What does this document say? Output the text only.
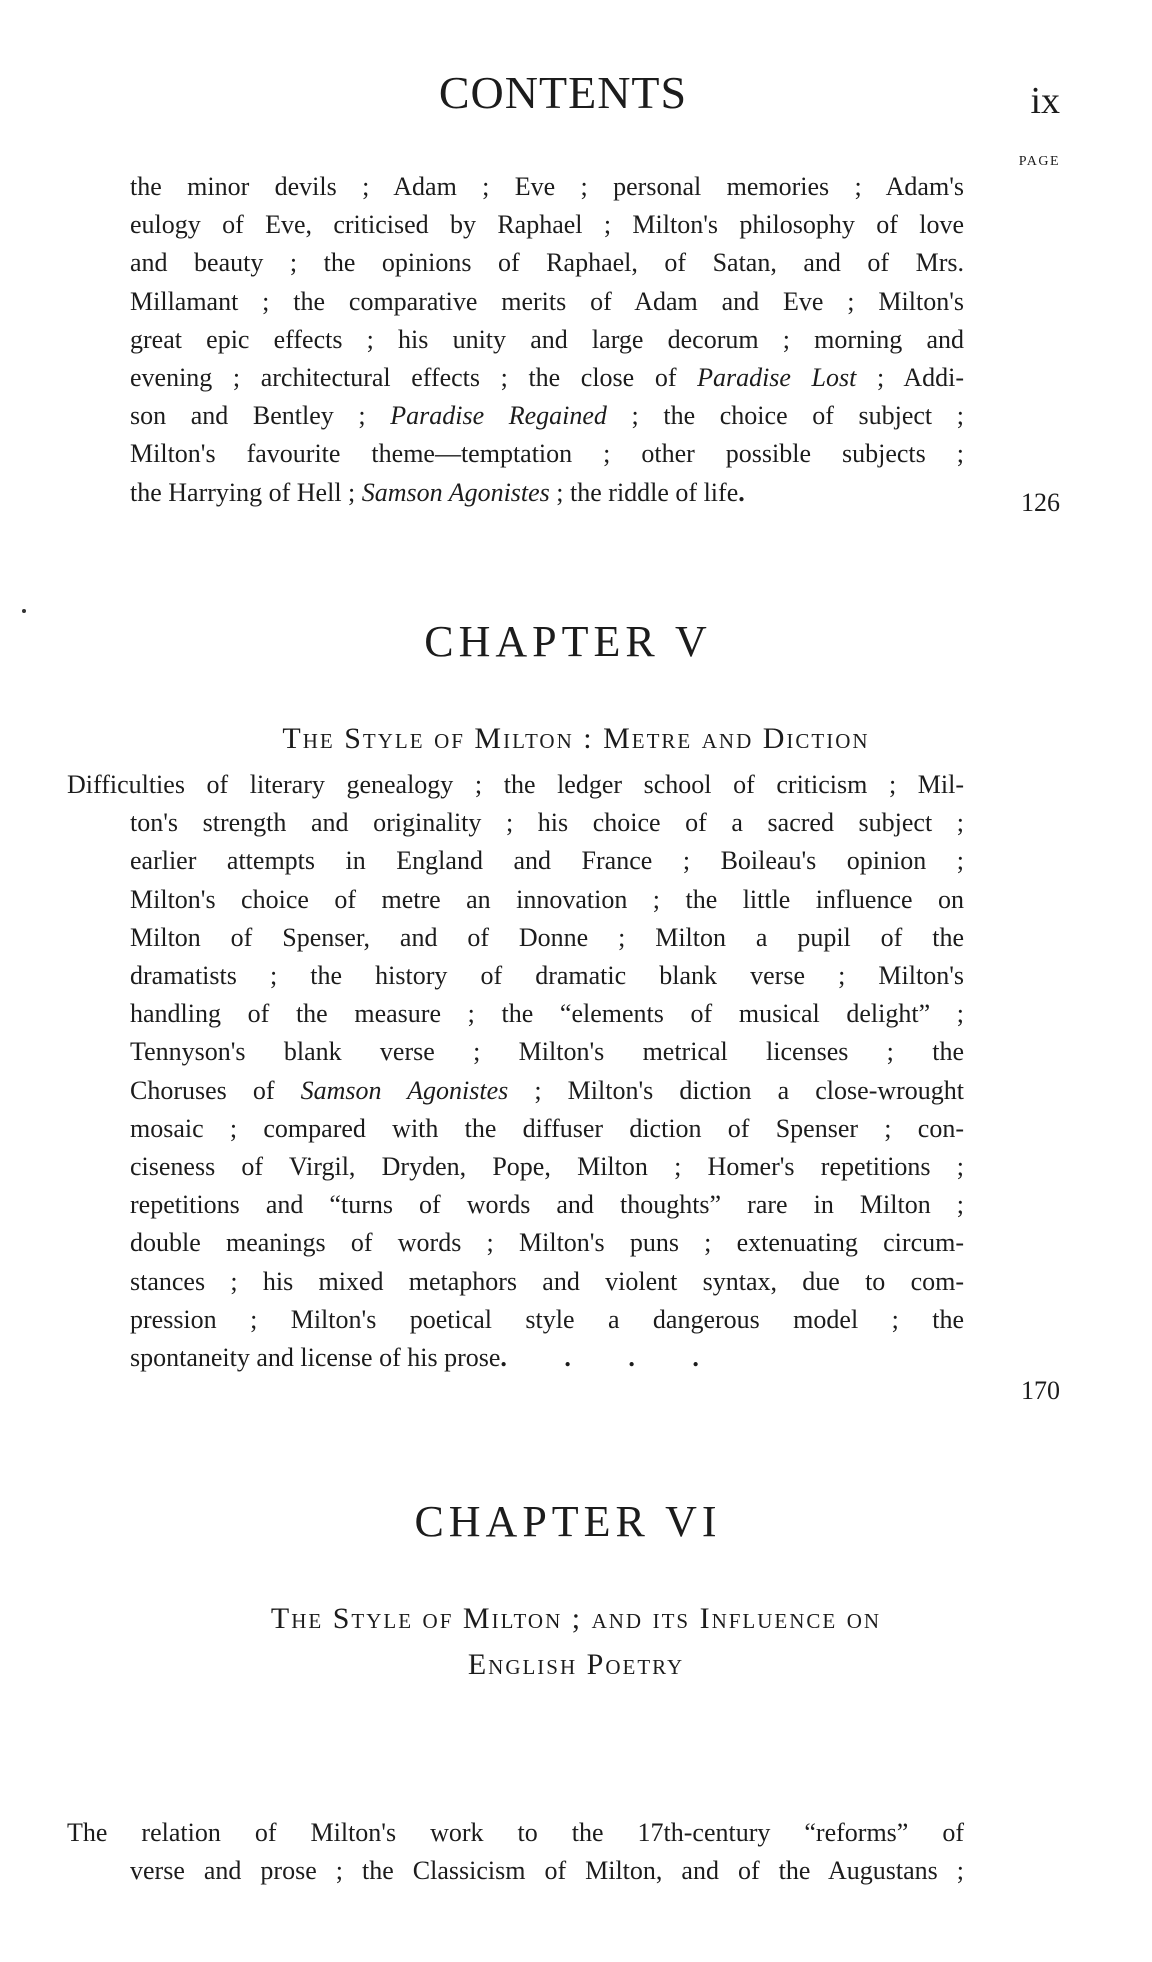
CONTENTS	ix
PAGE
the minor devils ; Adam ; Eve ; personal memories ; Adam's
eulogy of Eve, criticised by Raphael ; Milton's philosophy of love
and beauty ; the opinions of Raphael, of Satan, and of Mrs.
Millamant ; the comparative merits of Adam and Eve ; Milton's
great epic effects ; his unity and large decorum ; morning and
evening ; architectural effects ; the close of Paradise Lost ; Addi-
son and Bentley ; Paradise Regained ; the choice of subject ;
Milton's favourite theme—temptation ; other possible subjects ;
the Harrying of Hell ; Samson Agonistes ; the riddle of life.	126
CHAPTER V
The Style of Milton : Metre and Diction
Difficulties of literary genealogy ; the ledger school of criticism ; Mil-
ton's strength and originality ; his choice of a sacred subject ;
earlier attempts in England and France ; Boileau's opinion ;
Milton's choice of metre an innovation ; the little influence on
Milton of Spenser, and of Donne ; Milton a pupil of the
dramatists ; the history of dramatic blank verse ; Milton's
handling of the measure ; the “elements of musical delight” ;
Tennyson's blank verse ; Milton's metrical licenses ; the
Choruses of Samson Agonistes ; Milton's diction a close-wrought
mosaic ; compared with the diffuser diction of Spenser ; con-
ciseness of Virgil, Dryden, Pope, Milton ; Homer's repetitions ;
repetitions and “turns of words and thoughts” rare in Milton ;
double meanings of words ; Milton's puns ; extenuating circum-
stances ; his mixed metaphors and violent syntax, due to com-
pression ; Milton's poetical style a dangerous model ; the
spontaneity and license of his prose. . . .
170
CHAPTER VI
The Style of Milton ; and its Influence on
English Poetry
The relation of Milton's work to the 17th-century “reforms” of
verse and prose ; the Classicism of Milton, and of the Augustans ;
